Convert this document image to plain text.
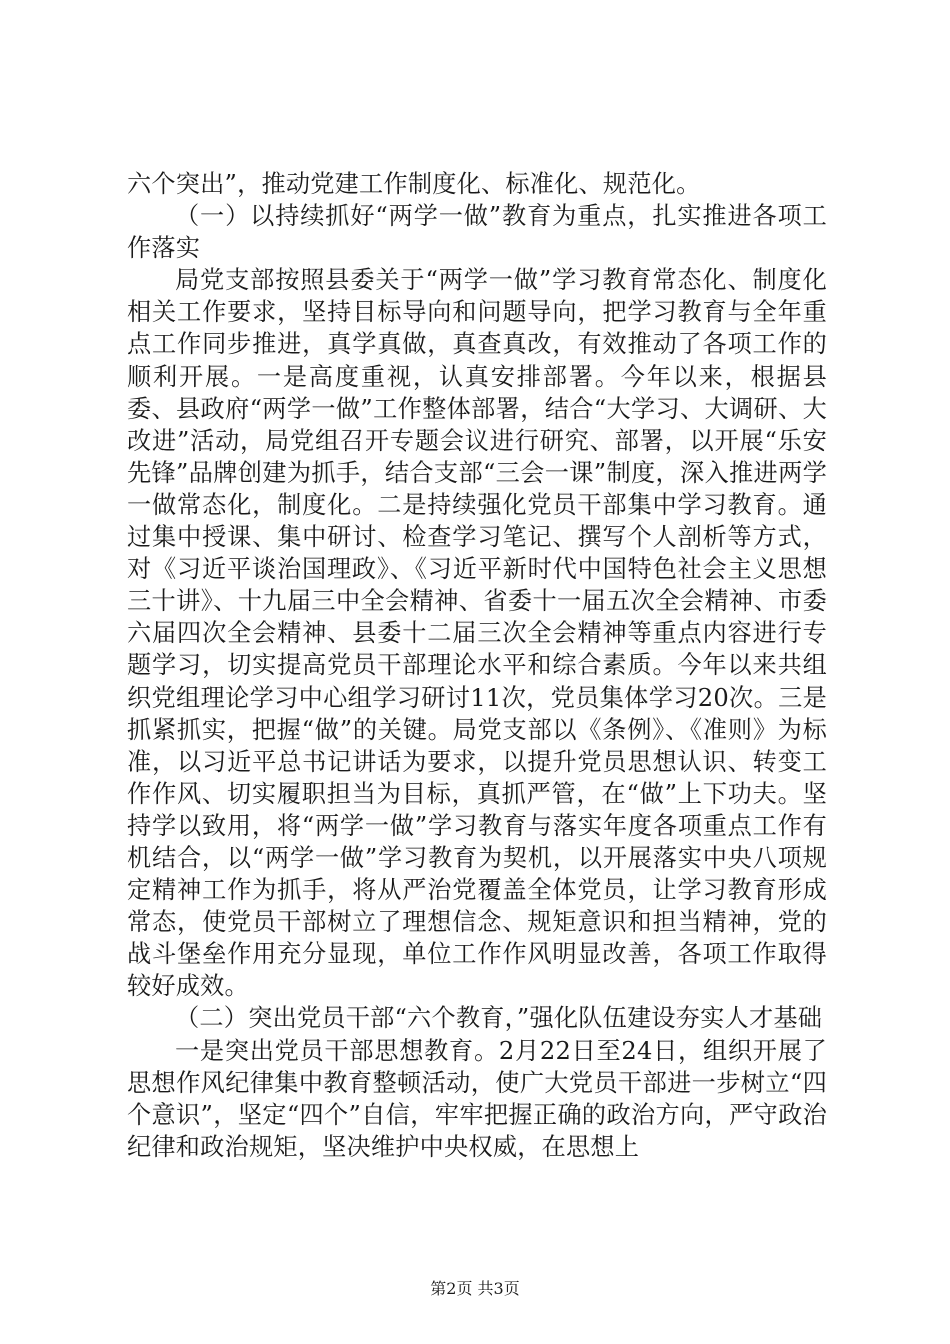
六个突出”，推动党建工作制度化、标准化、规范化。

（一）以持续抓好“两学一做”教育为重点，扎实推进各项工作落实

局党支部按照县委关于“两学一做”学习教育常态化、制度化相关工作要求，坚持目标导向和问题导向，把学习教育与全年重点工作同步推进，真学真做，真查真改，有效推动了各项工作的顺利开展。一是高度重视，认真安排部署。今年以来，根据县委、县政府“两学一做”工作整体部署，结合“大学习、大调研、大改进”活动，局党组召开专题会议进行研究、部署，以开展“乐安先锋”品牌创建为抓手，结合支部“三会一课”制度，深入推进两学一做常态化，制度化。二是持续强化党员干部集中学习教育。通过集中授课、集中研讨、检查学习笔记、撰写个人剖析等方式，对《习近平谈治国理政》、《习近平新时代中国特色社会主义思想三十讲》、十九届三中全会精神、省委十一届五次全会精神、市委六届四次全会精神、县委十二届三次全会精神等重点内容进行专题学习，切实提高党员干部理论水平和综合素质。今年以来共组织党组理论学习中心组学习研讨11次，党员集体学习20次。三是抓紧抓实，把握“做”的关键。局党支部以《条例》、《准则》为标准，以习近平总书记讲话为要求，以提升党员思想认识、转变工作作风、切实履职担当为目标，真抓严管，在“做”上下功夫。坚持学以致用，将“两学一做”学习教育与落实年度各项重点工作有机结合，以“两学一做”学习教育为契机，以开展落实中央八项规定精神工作为抓手，将从严治党覆盖全体党员，让学习教育形成常态，使党员干部树立了理想信念、规矩意识和担当精神，党的战斗堡垒作用充分显现，单位工作作风明显改善，各项工作取得较好成效。

（二）突出党员干部“六个教育，”强化队伍建设夯实人才基础

一是突出党员干部思想教育。2月22日至24日，组织开展了思想作风纪律集中教育整顿活动，使广大党员干部进一步树立“四个意识”，坚定“四个”自信，牢牢把握正确的政治方向，严守政治纪律和政治规矩，坚决维护中央权威，在思想上

第2页 共3页
